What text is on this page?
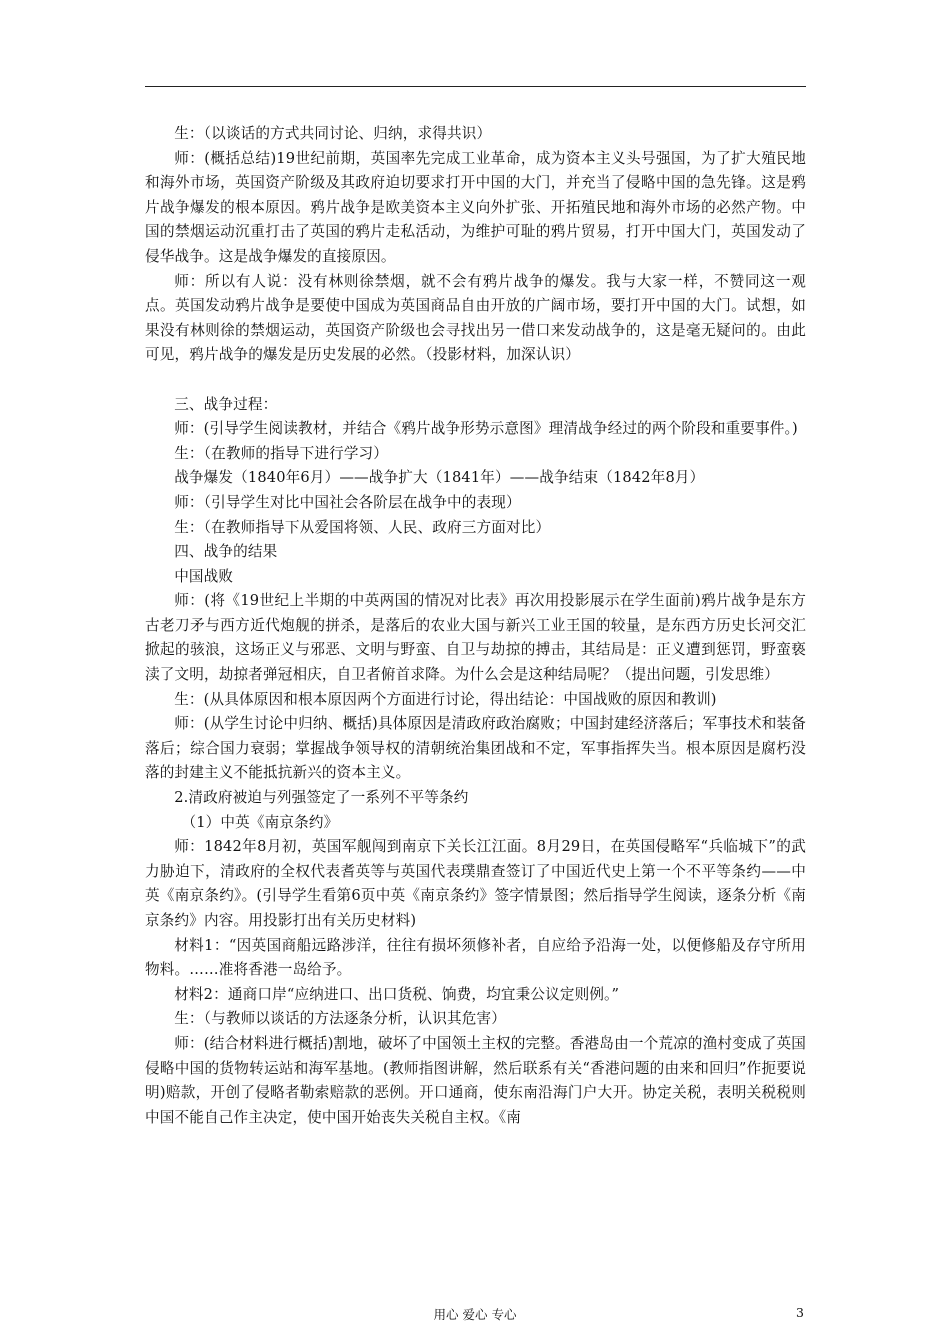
生：（以谈话的方式共同讨论、归纳，求得共识）

师：(概括总结)19世纪前期，英国率先完成工业革命，成为资本主义头号强国，为了扩大殖民地和海外市场，英国资产阶级及其政府迫切要求打开中国的大门，并充当了侵略中国的急先锋。这是鸦片战争爆发的根本原因。鸦片战争是欧美资本主义向外扩张、开拓殖民地和海外市场的必然产物。中国的禁烟运动沉重打击了英国的鸦片走私活动，为维护可耻的鸦片贸易，打开中国大门，英国发动了侵华战争。这是战争爆发的直接原因。

师：所以有人说：没有林则徐禁烟，就不会有鸦片战争的爆发。我与大家一样，不赞同这一观点。英国发动鸦片战争是要使中国成为英国商品自由开放的广阔市场，要打开中国的大门。试想，如果没有林则徐的禁烟运动，英国资产阶级也会寻找出另一借口来发动战争的，这是毫无疑问的。由此可见，鸦片战争的爆发是历史发展的必然。（投影材料，加深认识）

三、战争过程：

师：(引导学生阅读教材，并结合《鸦片战争形势示意图》理清战争经过的两个阶段和重要事件。)

生：（在教师的指导下进行学习）

战争爆发（1840年6月）——战争扩大（1841年）——战争结束（1842年8月）

师：（引导学生对比中国社会各阶层在战争中的表现）

生：（在教师指导下从爱国将领、人民、政府三方面对比）

四、战争的结果

中国战败

师：(将《19世纪上半期的中英两国的情况对比表》再次用投影展示在学生面前)鸦片战争是东方古老刀矛与西方近代炮舰的拼杀，是落后的农业大国与新兴工业王国的较量，是东西方历史长河交汇掀起的骇浪，这场正义与邪恶、文明与野蛮、自卫与劫掠的搏击，其结局是：正义遭到惩罚，野蛮亵渎了文明，劫掠者弹冠相庆，自卫者俯首求降。为什么会是这种结局呢？（提出问题，引发思维）

生：(从具体原因和根本原因两个方面进行讨论，得出结论：中国战败的原因和教训)

师：(从学生讨论中归纳、概括)具体原因是清政府政治腐败；中国封建经济落后；军事技术和装备落后；综合国力衰弱；掌握战争领导权的清朝统治集团战和不定，军事指挥失当。根本原因是腐朽没落的封建主义不能抵抗新兴的资本主义。

2.清政府被迫与列强签定了一系列不平等条约

（1）中英《南京条约》

师：1842年8月初，英国军舰闯到南京下关长江江面。8月29日，在英国侵略军“兵临城下”的武力胁迫下，清政府的全权代表耆英等与英国代表璞鼎查签订了中国近代史上第一个不平等条约——中英《南京条约》。(引导学生看第6页中英《南京条约》签字情景图；然后指导学生阅读，逐条分析《南京条约》内容。用投影打出有关历史材料)

材料1：“因英国商船远路涉洋，往往有损坏须修补者，自应给予沿海一处，以便修船及存守所用物料。……准将香港一岛给予。

材料2：通商口岸“应纳进口、出口货税、饷费，均宜秉公议定则例。”

生：（与教师以谈话的方法逐条分析，认识其危害）

师：(结合材料进行概括)割地，破坏了中国领土主权的完整。香港岛由一个荒凉的渔村变成了英国侵略中国的货物转运站和海军基地。(教师指图讲解，然后联系有关“香港问题的由来和回归”作扼要说明)赔款，开创了侵略者勒索赔款的恶例。开口通商，使东南沿海门户大开。协定关税，表明关税税则中国不能自己作主决定，使中国开始丧失关税自主权。《南

用心 爱心 专心	3
